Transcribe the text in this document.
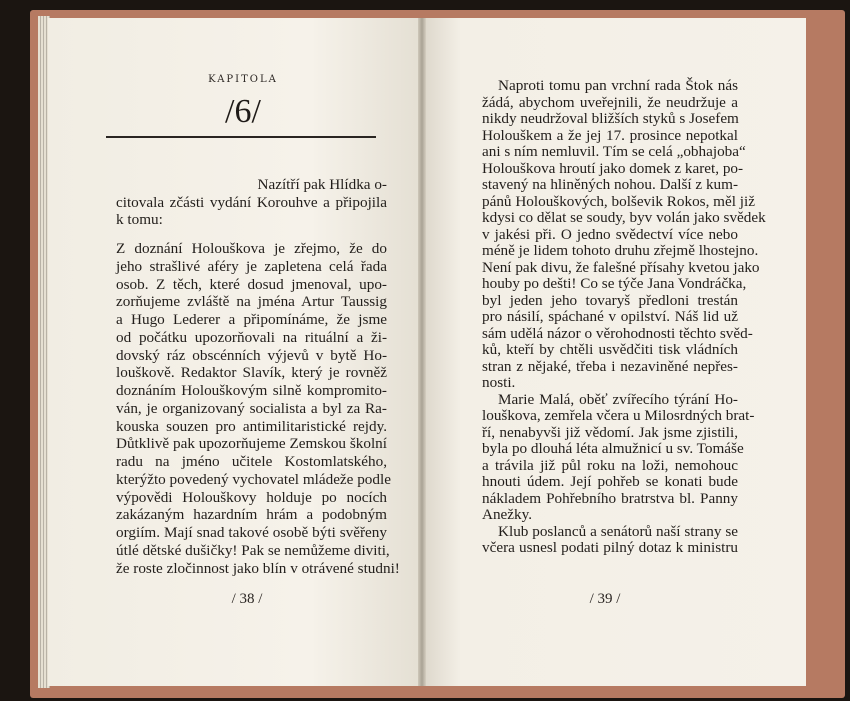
KAPITOLA
/6/
Nazítří pak Hlídka o-
citovala zčásti vydání Korouhve a připojila
k tomu:
Z doznání Holouškova je zřejmo, že do
jeho strašlivé aféry je zapletena celá řada
osob. Z těch, které dosud jmenoval, upo-
zorňujeme zvláště na jména Artur Taussig
a Hugo Lederer a připomínáme, že jsme
od počátku upozorňovali na rituální a ži-
dovský ráz obscénních výjevů v bytě Ho-
louškově. Redaktor Slavík, který je rovněž
doznáním Holouškovým silně kompromito-
ván, je organizovaný socialista a byl za Ra-
kouska souzen pro antimilitaristické rejdy.
Důtklivě pak upozorňujeme Zemskou školní
radu na jméno učitele Kostomlatského,
kterýžto povedený vychovatel mládeže podle
výpovědi Holouškovy holduje po nocích
zakázaným hazardním hrám a podobným
orgiím. Mají snad takové osobě býti svěřeny
útlé dětské dušičky! Pak se nemůžeme diviti,
že roste zločinnost jako blín v otrávené studni!
/ 38 /
Naproti tomu pan vrchní rada Štok nás
žádá, abychom uveřejnili, že neudržuje a
nikdy neudržoval bližších styků s Josefem
Holouškem a že jej 17. prosince nepotkal
ani s ním nemluvil. Tím se celá „obhajoba“
Holouškova hroutí jako domek z karet, po-
stavený na hliněných nohou. Další z kum-
pánů Holouškových, bolševik Rokos, měl již
kdysi co dělat se soudy, byv volán jako svědek
v jakési při. O jedno svědectví více nebo
méně je lidem tohoto druhu zřejmě lhostejno.
Není pak divu, že falešné přísahy kvetou jako
houby po dešti! Co se týče Jana Vondráčka,
byl jeden jeho tovaryš předloni trestán
pro násilí, spáchané v opilství. Náš lid už
sám udělá názor o věrohodnosti těchto svěd-
ků, kteří by chtěli usvědčiti tisk vládních
stran z nějaké, třeba i nezaviněné nepřes-
nosti.
Marie Malá, oběť zvířecího týrání Ho-
louškova, zemřela včera u Milosrdných brat-
ří, nenabyvši již vědomí. Jak jsme zjistili,
byla po dlouhá léta almužnicí u sv. Tomáše
a trávila již půl roku na loži, nemohouc
hnouti údem. Její pohřeb se konati bude
nákladem Pohřebního bratrstva bl. Panny
Anežky.
Klub poslanců a senátorů naší strany se
včera usnesl podati pilný dotaz k ministru
/ 39 /
